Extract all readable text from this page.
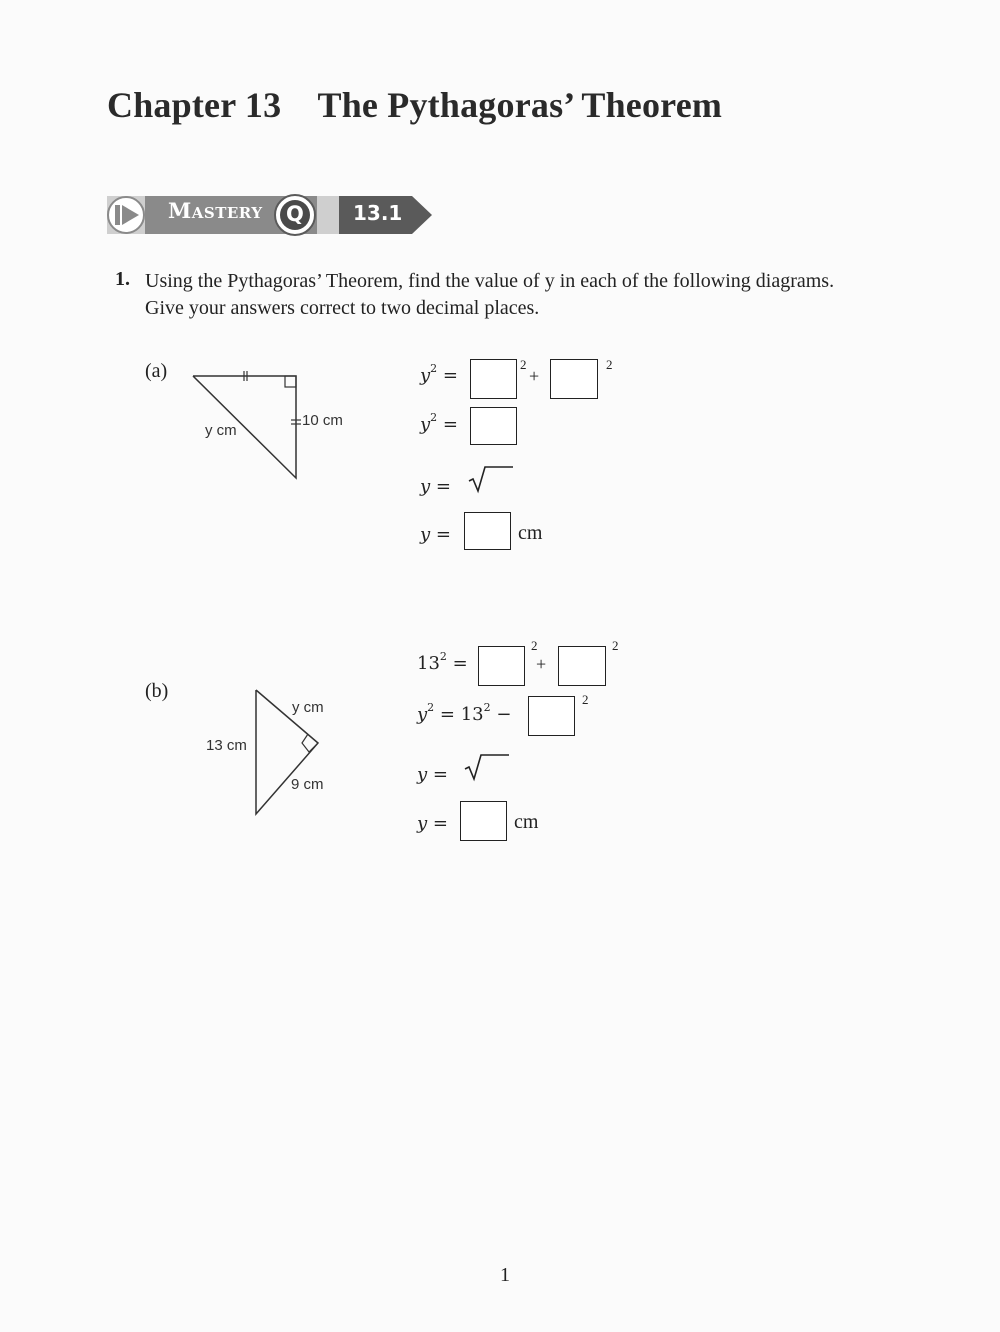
Chapter 13    The Pythagoras’ Theorem
Q
Mastery	13.1
1. Using the Pythagoras’ Theorem, find the value of y in each of the following diagrams.
Give your answers correct to two decimal places.
(a)
y cm
10 cm
$y^2$ =
2
+
2
$y^2$ =
y =
y =	cm
(b)
13 cm
y cm
9 cm
$13^2$ =
2
+
2
$y^2 = 13^2$ −
2
y =
y =	cm
1
